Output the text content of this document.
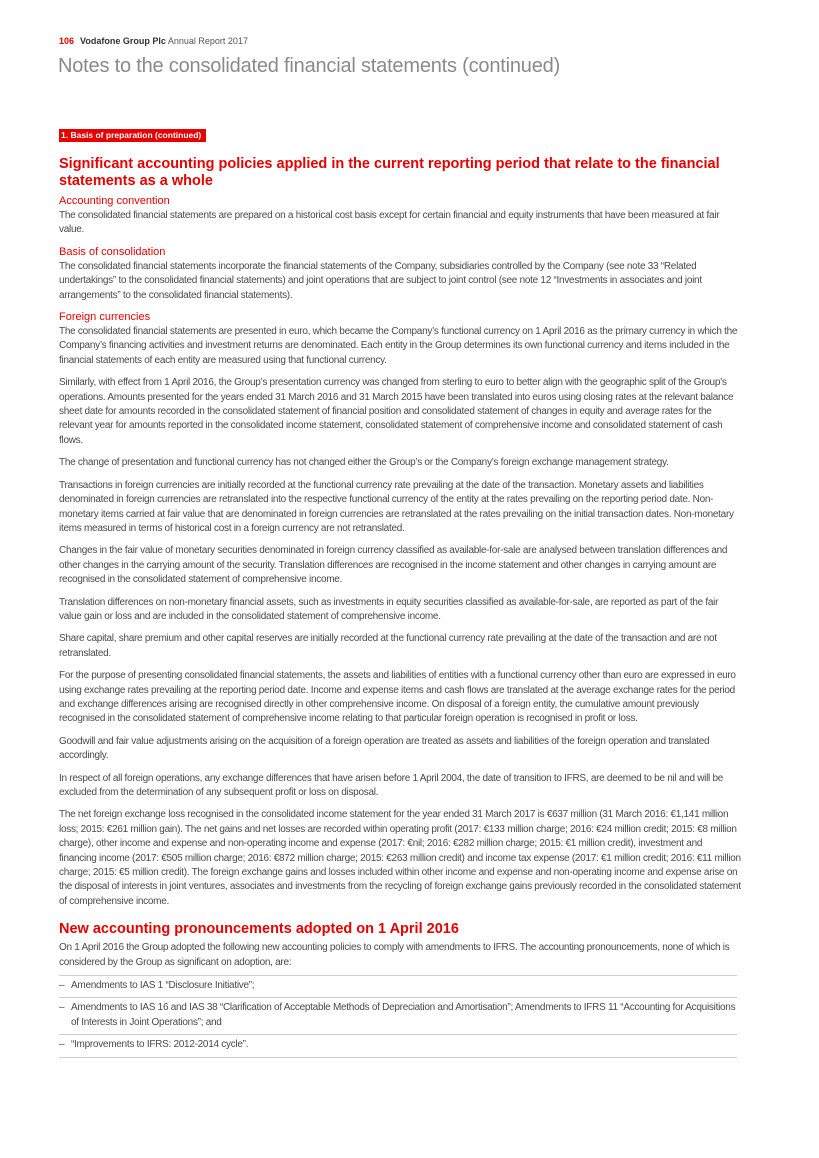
106 Vodafone Group Plc Annual Report 2017
Notes to the consolidated financial statements (continued)
1. Basis of preparation (continued)
Significant accounting policies applied in the current reporting period that relate to the financial statements as a whole
Accounting convention

The consolidated financial statements are prepared on a historical cost basis except for certain financial and equity instruments that have been measured at fair value.

Basis of consolidation

The consolidated financial statements incorporate the financial statements of the Company, subsidiaries controlled by the Company (see note 33 “Related undertakings” to the consolidated financial statements) and joint operations that are subject to joint control (see note 12 “Investments in associates and joint arrangements” to the consolidated financial statements).

Foreign currencies

The consolidated financial statements are presented in euro, which became the Company’s functional currency on 1 April 2016 as the primary currency in which the Company’s financing activities and investment returns are denominated. Each entity in the Group determines its own functional currency and items included in the financial statements of each entity are measured using that functional currency.

Similarly, with effect from 1 April 2016, the Group’s presentation currency was changed from sterling to euro to better align with the geographic split of the Group’s operations. Amounts presented for the years ended 31 March 2016 and 31 March 2015 have been translated into euros using closing rates at the relevant balance sheet date for amounts recorded in the consolidated statement of financial position and consolidated statement of changes in equity and average rates for the relevant year for amounts reported in the consolidated income statement, consolidated statement of comprehensive income and consolidated statement of cash flows.

The change of presentation and functional currency has not changed either the Group’s or the Company’s foreign exchange management strategy.

Transactions in foreign currencies are initially recorded at the functional currency rate prevailing at the date of the transaction. Monetary assets and liabilities denominated in foreign currencies are retranslated into the respective functional currency of the entity at the rates prevailing on the reporting period date. Non-monetary items carried at fair value that are denominated in foreign currencies are retranslated at the rates prevailing on the initial transaction dates. Non-monetary items measured in terms of historical cost in a foreign currency are not retranslated.

Changes in the fair value of monetary securities denominated in foreign currency classified as available-for-sale are analysed between translation differences and other changes in the carrying amount of the security. Translation differences are recognised in the income statement and other changes in carrying amount are recognised in the consolidated statement of comprehensive income.

Translation differences on non-monetary financial assets, such as investments in equity securities classified as available-for-sale, are reported as part of the fair value gain or loss and are included in the consolidated statement of comprehensive income.

Share capital, share premium and other capital reserves are initially recorded at the functional currency rate prevailing at the date of the transaction and are not retranslated.

For the purpose of presenting consolidated financial statements, the assets and liabilities of entities with a functional currency other than euro are expressed in euro using exchange rates prevailing at the reporting period date. Income and expense items and cash flows are translated at the average exchange rates for the period and exchange differences arising are recognised directly in other comprehensive income. On disposal of a foreign entity, the cumulative amount previously recognised in the consolidated statement of comprehensive income relating to that particular foreign operation is recognised in profit or loss.

Goodwill and fair value adjustments arising on the acquisition of a foreign operation are treated as assets and liabilities of the foreign operation and translated accordingly.

In respect of all foreign operations, any exchange differences that have arisen before 1 April 2004, the date of transition to IFRS, are deemed to be nil and will be excluded from the determination of any subsequent profit or loss on disposal.

The net foreign exchange loss recognised in the consolidated income statement for the year ended 31 March 2017 is €637 million (31 March 2016: €1,141 million loss; 2015: €261 million gain). The net gains and net losses are recorded within operating profit (2017: €133 million charge; 2016: €24 million credit; 2015: €8 million charge), other income and expense and non-operating income and expense (2017: €nil; 2016: €282 million charge; 2015: €1 million credit), investment and financing income (2017: €505 million charge; 2016: €872 million charge; 2015: €263 million credit) and income tax expense (2017: €1 million credit; 2016: €11 million charge; 2015: €5 million credit). The foreign exchange gains and losses included within other income and expense and non-operating income and expense arise on the disposal of interests in joint ventures, associates and investments from the recycling of foreign exchange gains previously recorded in the consolidated statement of comprehensive income.

New accounting pronouncements adopted on 1 April 2016

On 1 April 2016 the Group adopted the following new accounting policies to comply with amendments to IFRS. The accounting pronouncements, none of which is considered by the Group as significant on adoption, are:

– Amendments to IAS 1 “Disclosure Initiative”;
– Amendments to IAS 16 and IAS 38 “Clarification of Acceptable Methods of Depreciation and Amortisation”; Amendments to IFRS 11 “Accounting for Acquisitions of Interests in Joint Operations”; and
– “Improvements to IFRS: 2012-2014 cycle”.
